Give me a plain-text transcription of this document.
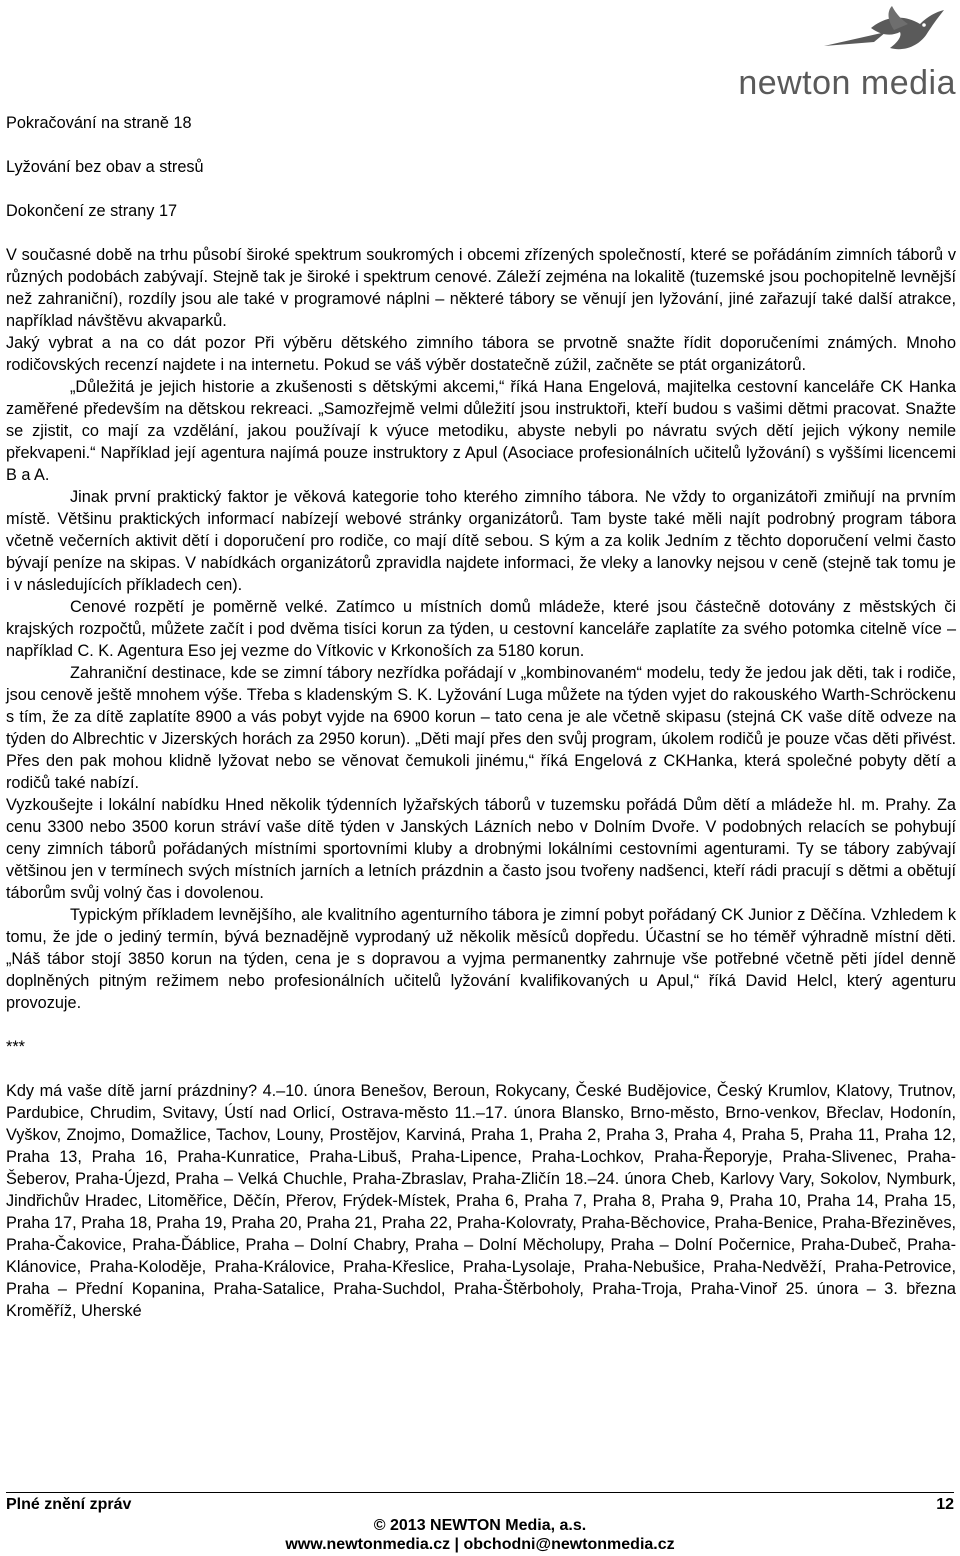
newton media

Pokračování na straně 18

Lyžování bez obav a stresů

Dokončení ze strany 17

V současné době na trhu působí široké spektrum soukromých i obcemi zřízených společností, které se pořádáním zimních táborů v různých podobách zabývají. Stejně tak je široké i spektrum cenové. Záleží zejména na lokalitě (tuzemské jsou pochopitelně levnější než zahraniční), rozdíly jsou ale také v programové náplni – některé tábory se věnují jen lyžování, jiné zařazují také další atrakce, například návštěvu akvaparků.

Jaký vybrat a na co dát pozor Při výběru dětského zimního tábora se prvotně snažte řídit doporučeními známých. Mnoho rodičovských recenzí najdete i na internetu. Pokud se váš výběr dostatečně zúžil, začněte se ptát organizátorů.

„Důležitá je jejich historie a zkušenosti s dětskými akcemi,“ říká Hana Engelová, majitelka cestovní kanceláře CK Hanka zaměřené především na dětskou rekreaci. „Samozřejmě velmi důležití jsou instruktoři, kteří budou s vašimi dětmi pracovat. Snažte se zjistit, co mají za vzdělání, jakou používají k výuce metodiku, abyste nebyli po návratu svých dětí jejich výkony nemile překvapeni.“ Například její agentura najímá pouze instruktory z Apul (Asociace profesionálních učitelů lyžování) s vyššími licencemi B a A.

Jinak první praktický faktor je věková kategorie toho kterého zimního tábora. Ne vždy to organizátoři zmiňují na prvním místě. Většinu praktických informací nabízejí webové stránky organizátorů. Tam byste také měli najít podrobný program tábora včetně večerních aktivit dětí i doporučení pro rodiče, co mají dítě sebou. S kým a za kolik Jedním z těchto doporučení velmi často bývají peníze na skipas. V nabídkách organizátorů zpravidla najdete informaci, že vleky a lanovky nejsou v ceně (stejně tak tomu je i v následujících příkladech cen).

Cenové rozpětí je poměrně velké. Zatímco u místních domů mládeže, které jsou částečně dotovány z městských či krajských rozpočtů, můžete začít i pod dvěma tisíci korun za týden, u cestovní kanceláře zaplatíte za svého potomka citelně více – například C. K. Agentura Eso jej vezme do Vítkovic v Krkonoších za 5180 korun.

Zahraniční destinace, kde se zimní tábory nezřídka pořádají v „kombinovaném“ modelu, tedy že jedou jak děti, tak i rodiče, jsou cenově ještě mnohem výše. Třeba s kladenským S. K. Lyžování Luga můžete na týden vyjet do rakouského Warth-Schröckenu s tím, že za dítě zaplatíte 8900 a vás pobyt vyjde na 6900 korun – tato cena je ale včetně skipasu (stejná CK vaše dítě odveze na týden do Albrechtic v Jizerských horách za 2950 korun). „Děti mají přes den svůj program, úkolem rodičů je pouze včas děti přivést. Přes den pak mohou klidně lyžovat nebo se věnovat čemukoli jinému,“ říká Engelová z CKHanka, která společné pobyty dětí a rodičů také nabízí.

Vyzkoušejte i lokální nabídku Hned několik týdenních lyžařských táborů v tuzemsku pořádá Dům dětí a mládeže hl. m. Prahy. Za cenu 3300 nebo 3500 korun stráví vaše dítě týden v Janských Lázních nebo v Dolním Dvoře. V podobných relacích se pohybují ceny zimních táborů pořádaných místními sportovními kluby a drobnými lokálními cestovními agenturami. Ty se tábory zabývají většinou jen v termínech svých místních jarních a letních prázdnin a často jsou tvořeny nadšenci, kteří rádi pracují s dětmi a obětují táborům svůj volný čas i dovolenou.

Typickým příkladem levnějšího, ale kvalitního agenturního tábora je zimní pobyt pořádaný CK Junior z Děčína. Vzhledem k tomu, že jde o jediný termín, bývá beznadějně vyprodaný už několik měsíců dopředu. Účastní se ho téměř výhradně místní děti. „Náš tábor stojí 3850 korun na týden, cena je s dopravou a vyjma permanentky zahrnuje vše potřebné včetně pěti jídel denně doplněných pitným režimem nebo profesionálních učitelů lyžování kvalifikovaných u Apul,“ říká David Helcl, který agenturu provozuje.

***

Kdy má vaše dítě jarní prázdniny? 4.–10. února Benešov, Beroun, Rokycany, České Budějovice, Český Krumlov, Klatovy, Trutnov, Pardubice, Chrudim, Svitavy, Ústí nad Orlicí, Ostrava-město 11.–17. února Blansko, Brno-město, Brno-venkov, Břeclav, Hodonín, Vyškov, Znojmo, Domažlice, Tachov, Louny, Prostějov, Karviná, Praha 1, Praha 2, Praha 3, Praha 4, Praha 5, Praha 11, Praha 12, Praha 13, Praha 16, Praha-Kunratice, Praha-Libuš, Praha-Lipence, Praha-Lochkov, Praha-Řeporyje, Praha-Slivenec, Praha-Šeberov, Praha-Újezd, Praha – Velká Chuchle, Praha-Zbraslav, Praha-Zličín 18.–24. února Cheb, Karlovy Vary, Sokolov, Nymburk, Jindřichův Hradec, Litoměřice, Děčín, Přerov, Frýdek-Místek, Praha 6, Praha 7, Praha 8, Praha 9, Praha 10, Praha 14, Praha 15, Praha 17, Praha 18, Praha 19, Praha 20, Praha 21, Praha 22, Praha-Kolovraty, Praha-Běchovice, Praha-Benice, Praha-Březiněves, Praha-Čakovice, Praha-Ďáblice, Praha – Dolní Chabry, Praha – Dolní Měcholupy, Praha – Dolní Počernice, Praha-Dubeč, Praha-Klánovice, Praha-Koloděje, Praha-Královice, Praha-Křeslice, Praha-Lysolaje, Praha-Nebušice, Praha-Nedvěží, Praha-Petrovice, Praha – Přední Kopanina, Praha-Satalice, Praha-Suchdol, Praha-Štěrboholy, Praha-Troja, Praha-Vinoř 25. února – 3. března Kroměříž, Uherské

Plné znění zpráv	12
© 2013 NEWTON Media, a.s.
www.newtonmedia.cz | obchodni@newtonmedia.cz
